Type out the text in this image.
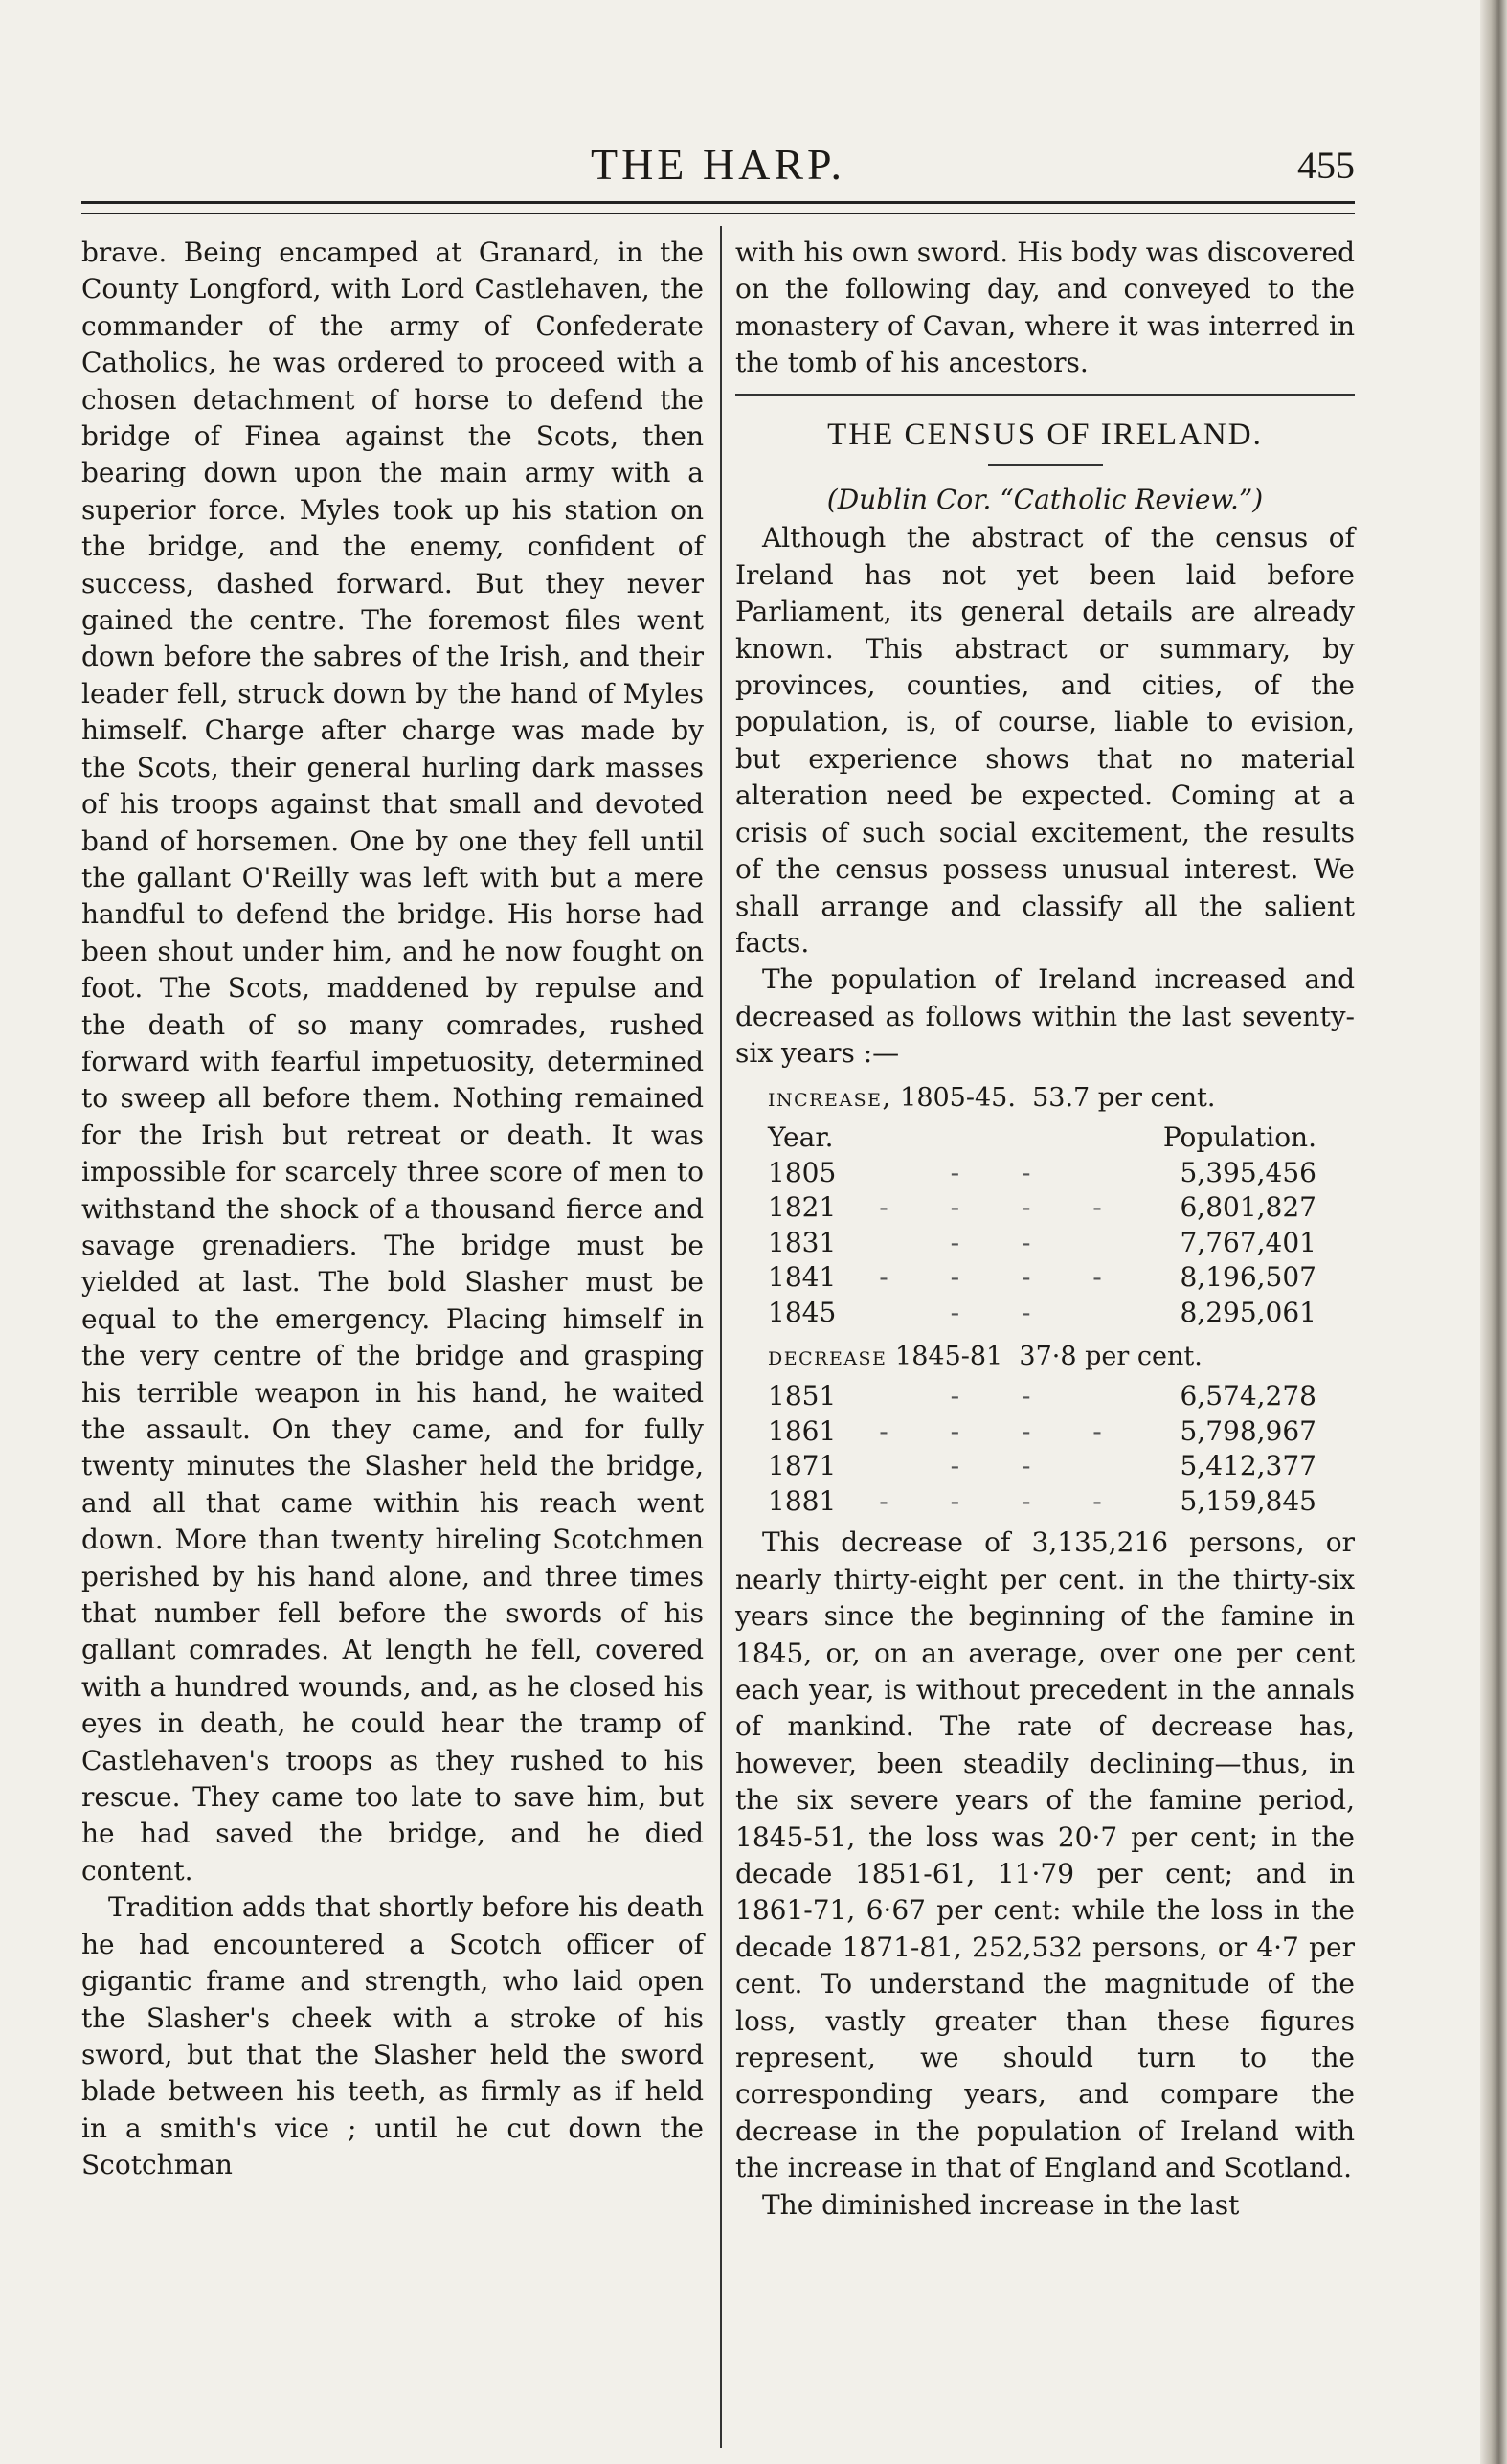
THE HARP.	455

brave. Being encamped at Granard, in the County Longford, with Lord Castlehaven, the commander of the army of Confederate Catholics, he was ordered to proceed with a chosen detachment of horse to defend the bridge of Finea against the Scots, then bearing down upon the main army with a superior force. Myles took up his station on the bridge, and the enemy, confident of success, dashed forward. But they never gained the centre. The foremost files went down before the sabres of the Irish, and their leader fell, struck down by the hand of Myles himself. Charge after charge was made by the Scots, their general hurling dark masses of his troops against that small and devoted band of horsemen. One by one they fell until the gallant O'Reilly was left with but a mere handful to defend the bridge. His horse had been shout under him, and he now fought on foot. The Scots, maddened by repulse and the death of so many comrades, rushed forward with fearful impetuosity, determined to sweep all before them. Nothing remained for the Irish but retreat or death. It was impossible for scarcely three score of men to withstand the shock of a thousand fierce and savage grenadiers. The bridge must be yielded at last. The bold Slasher must be equal to the emergency. Placing himself in the very centre of the bridge and grasping his terrible weapon in his hand, he waited the assault. On they came, and for fully twenty minutes the Slasher held the bridge, and all that came within his reach went down. More than twenty hireling Scotchmen perished by his hand alone, and three times that number fell before the swords of his gallant comrades. At length he fell, covered with a hundred wounds, and, as he closed his eyes in death, he could hear the tramp of Castlehaven's troops as they rushed to his rescue. They came too late to save him, but he had saved the bridge, and he died content.

Tradition adds that shortly before his death he had encountered a Scotch officer of gigantic frame and strength, who laid open the Slasher's cheek with a stroke of his sword, but that the Slasher held the sword blade between his teeth, as firmly as if held in a smith's vice ; until he cut down the Scotchman

with his own sword. His body was discovered on the following day, and conveyed to the monastery of Cavan, where it was interred in the tomb of his ancestors.

THE CENSUS OF IRELAND.
(Dublin Cor. “Catholic Review.”)

Although the abstract of the census of Ireland has not yet been laid before Parliament, its general details are already known. This abstract or summary, by provinces, counties, and cities, of the population, is, of course, liable to evision, but experience shows that no material alteration need be expected. Coming at a crisis of such social excitement, the results of the census possess unusual interest. We shall arrange and classify all the salient facts.

The population of Ireland increased and decreased as follows within the last seventy-six years :—

increase, 1805-45. 53.7 per cent.
Year.	Population.
1805	- -	5,395,456
1821	- - - -	6,801,827
1831	- -	7,767,401
1841	- - - -	8,196,507
1845	- -	8,295,061
decrease 1845-81 37·8 per cent.
1851	- -	6,574,278
1861	- - - -	5,798,967
1871	- -	5,412,377
1881	- - - -	5,159,845

This decrease of 3,135,216 persons, or nearly thirty-eight per cent. in the thirty-six years since the beginning of the famine in 1845, or, on an average, over one per cent each year, is without precedent in the annals of mankind. The rate of decrease has, however, been steadily declining—thus, in the six severe years of the famine period, 1845-51, the loss was 20·7 per cent; in the decade 1851-61, 11·79 per cent; and in 1861-71, 6·67 per cent: while the loss in the decade 1871-81, 252,532 persons, or 4·7 per cent. To understand the magnitude of the loss, vastly greater than these figures represent, we should turn to the corresponding years, and compare the decrease in the population of Ireland with the increase in that of England and Scotland.

The diminished increase in the last
